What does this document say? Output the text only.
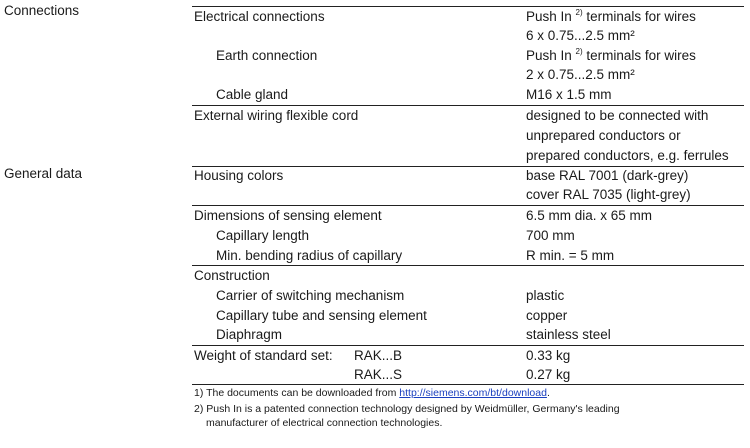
Connections
General data
Electrical connections	Push In $^{2)}$ terminals for wires
6 x 0.75...2.5 mm²
Earth connection	Push In $^{2)}$ terminals for wires
2 x 0.75...2.5 mm²
Cable gland	M16 x 1.5 mm
External wiring flexible cord	designed to be connected with
unprepared conductors or
prepared conductors, e.g. ferrules
Housing colors	base RAL 7001 (dark-grey)
cover RAL 7035 (light-grey)
Dimensions of sensing element	6.5 mm dia. x 65 mm
Capillary length	700 mm
Min. bending radius of capillary	R min. = 5 mm
Construction
Carrier of switching mechanism	plastic
Capillary tube and sensing element	copper
Diaphragm	stainless steel
Weight of standard set: RAK...B	0.33 kg
RAK...S	0.27 kg
1) The documents can be downloaded from http://siemens.com/bt/download.
2) Push In is a patented connection technology designed by Weidmüller, Germany's leading
manufacturer of electrical connection technologies.
